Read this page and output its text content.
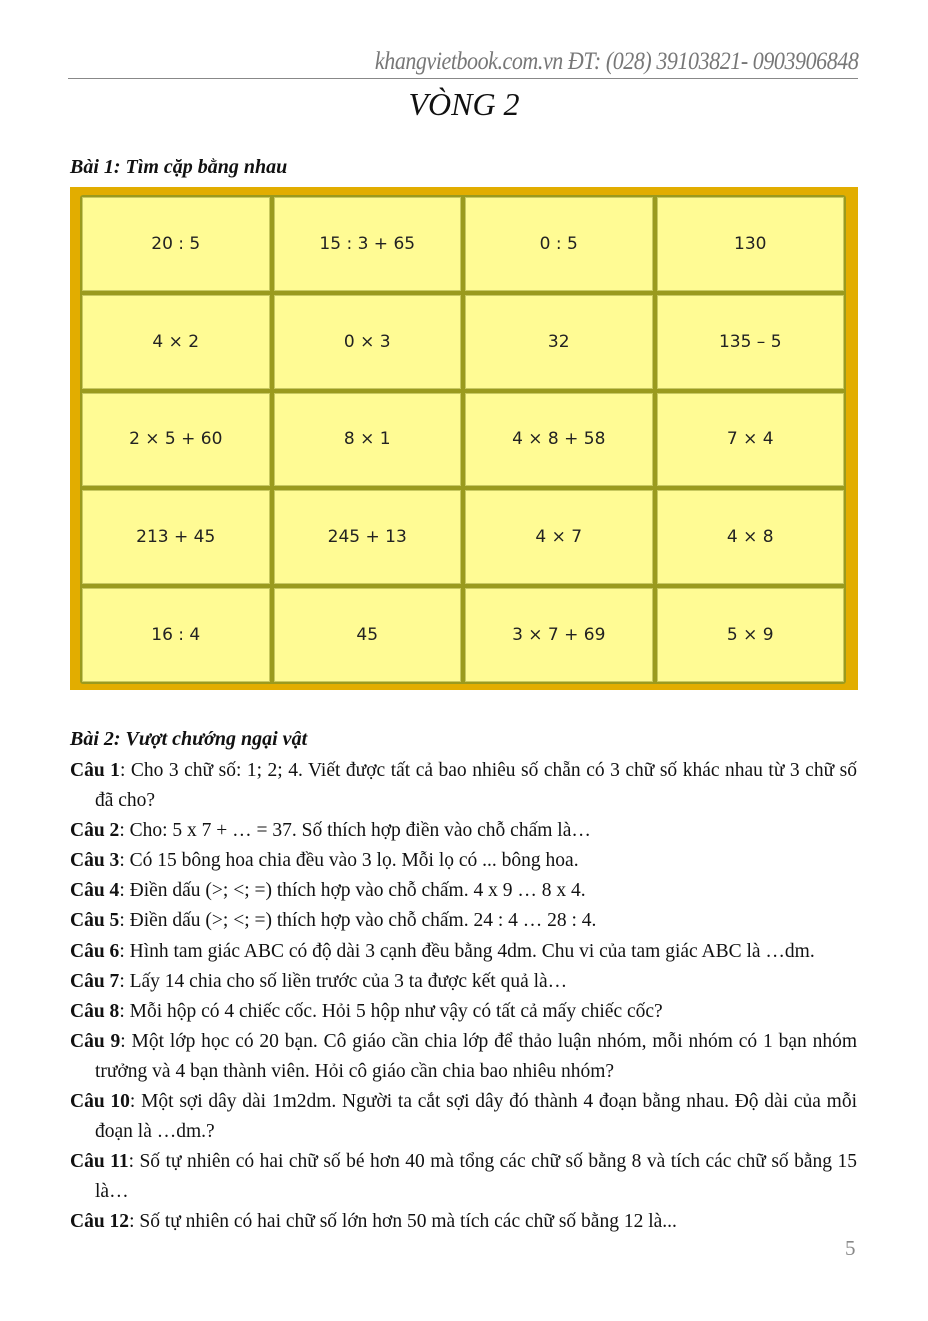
khangvietbook.com.vn ĐT: (028) 39103821- 0903906848
VÒNG 2
Bài 1: Tìm cặp bằng nhau
20 : 5	15 : 3 + 65	0 : 5	130
4 × 2	0 × 3	32	135 – 5
2 × 5 + 60	8 × 1	4 × 8 + 58	7 × 4
213 + 45	245 + 13	4 × 7	4 × 8
16 : 4	45	3 × 7 + 69	5 × 9
Bài 2: Vượt chướng ngại vật
Câu 1: Cho 3 chữ số: 1; 2; 4. Viết được tất cả bao nhiêu số chẵn có 3 chữ số khác nhau từ 3 chữ số đã cho?
Câu 2: Cho: 5 x 7 + … = 37. Số thích hợp điền vào chỗ chấm là…
Câu 3: Có 15 bông hoa chia đều vào 3 lọ. Mỗi lọ có ... bông hoa.
Câu 4: Điền dấu (>; <; =) thích hợp vào chỗ chấm. 4 x 9 … 8 x 4.
Câu 5: Điền dấu (>; <; =) thích hợp vào chỗ chấm. 24 : 4 … 28 : 4.
Câu 6: Hình tam giác ABC có độ dài 3 cạnh đều bằng 4dm. Chu vi của tam giác ABC là …dm.
Câu 7: Lấy 14 chia cho số liền trước của 3 ta được kết quả là…
Câu 8: Mỗi hộp có 4 chiếc cốc. Hỏi 5 hộp như vậy có tất cả mấy chiếc cốc?
Câu 9: Một lớp học có 20 bạn. Cô giáo cần chia lớp để thảo luận nhóm, mỗi nhóm có 1 bạn nhóm trưởng và 4 bạn thành viên. Hỏi cô giáo cần chia bao nhiêu nhóm?
Câu 10: Một sợi dây dài 1m2dm. Người ta cắt sợi dây đó thành 4 đoạn bằng nhau. Độ dài của mỗi đoạn là …dm.?
Câu 11: Số tự nhiên có hai chữ số bé hơn 40 mà tổng các chữ số bằng 8 và tích các chữ số bằng 15 là…
Câu 12: Số tự nhiên có hai chữ số lớn hơn 50 mà tích các chữ số bằng 12 là...
5
